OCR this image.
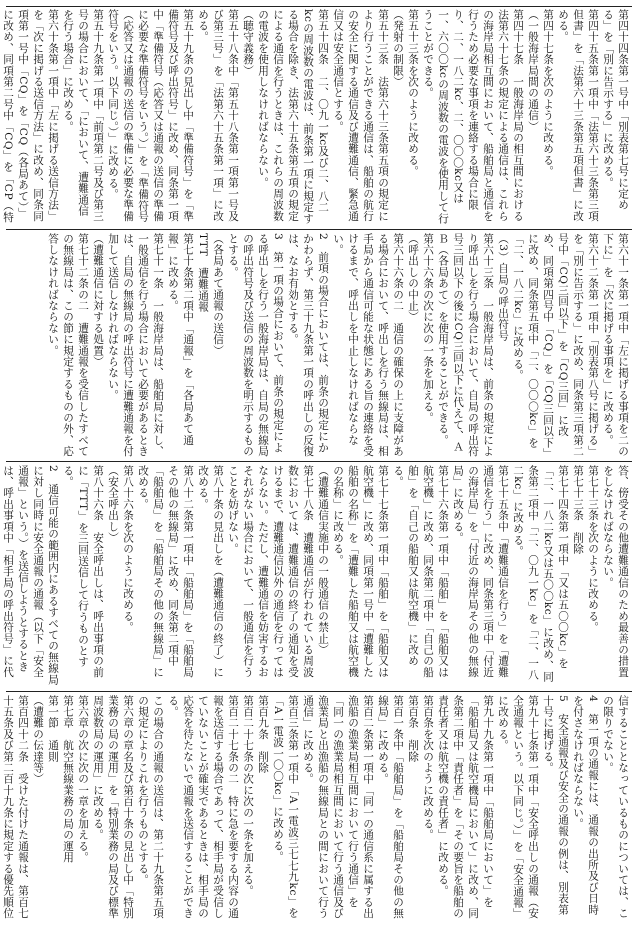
第四十四条第一号中「別表第七号に定める」を「別に告示する」に改める。

第四十五条第一項中「法第六十三条第三項但書」を「法第六十三条第五項但書」に改める。

第四十七条を次のように改める。

（一般海岸局間の通信）

第四十七条　一般海岸局の相互間における法第六十七条の規定による通信は、これらの海岸局相互間において、船舶局と通信を行うため必要な事項を連絡する場合に限り、二、一八二kc、二、〇〇〇kc又は一、六〇〇kcの周波数の電波を使用して行うことができる。

第五十三条を次のように改める。

（発射の制限）

第五十三条　法第六十三条第五項の規定により行うことができる通信は、船舶の航行の安全に関する通信及び遭難通信、緊急通信又は安全通信とする。

第五十四条　二、〇九一kc及び二、八二kcの周波数の電波は、前条第一項に規定する場合を除き、法第六十五条第五項の規定による通信を行うときは、これらの周波数の電波を使用しなければならない。

（聴守義務）

第五十八条中「第五十八条第一項第一号及び第三号」を「法第六十五条第一項」に改める。

第五十九条の見出し中「準備符号」を「準備符号及び呼出符号」に改め、同条第一項中「準備符号（応答又は通報の送信の準備に必要な準備符号をいう。）」を「準備符号（応答又は通報の送信の準備に必要な準備符号をいう。以下同じ。）」に改める。

第五十九条第一項中「前項第二号及び第三号の場合において、「において、遭難通信を行う場合」に改める。

第六十条第一項中「左に掲げる送信方法」を「次に掲げる送信方法」に改め、同条同項第一号中「CQ」を「CQ（各局あて）」に改め、同項第二号中「CQ」を「CP（特

第六十一条第一項中「左に掲げる事項を二の下に」を「次に掲げる事項を」に改める。

第六十二条第一項中「別表第八号に掲げる」を「別に告示する」に改め、同条第三項第二号中「CQ三回以下」を「CQ三回」に改め、同項第四号中「CQ」を「CQ三回以下」に改め、同条第五項中「二、〇〇〇kc」を「二、一八二kc」に改める。

（3）自局の呼出符号

第六十三条　一般海岸局は、前条の規定により呼出しを行う場合において、自局の呼出符号三回以下の後にCQ三回以下に代えて、ＡＢ（各局あて）を使用することができる。

第六十六条の次に次の一条を加える。

（呼出しの中止）

第六十六条の二　通信の確保の上に支障がある場合において、呼出しを行う無線局は、相手局から通信可能な状態にある旨の連絡を受けるまで、呼出しを中止しなければならない。

2　前項の場合においては、前条の規定にかかわらず、第三十九条第一項の呼出しの反復は、なお有効とする。

3　第一項の場合において、前条の規定による呼出しを行う一般海岸局は、自局の無線局の呼出符号及び送信の周波数を明示するものとする。

（各局あて通報の送信）

TTT　遭難通報

第七十条第二項中「通報」を「各局あて通報」に改める。

第七十一条　一般海岸局は、船舶局に対し、一般通信を行う場合において必要があるときは、自局の無線局の呼出符号に遭難通報を付加して送信しなければならない。

（遭難通信に対する処置）

第七十二条の二　遭難通報を受信したすべての無線局は、この節に規定するものの外、応答しなければならない。

答、傍受その他遭難通信のため最善の措置をしなければならない。

第七十三条を次のように改める。

第七十三条　削除

第七十四条第一項中「又は五〇〇kc」を「二、一八二kc又は五〇〇kc」に改め、同条第二項中「二、〇九一kc」を「二、一八二kc」に改める。

第七十五条中「遭難通信を行う」を「遭難通信を行う」に改め、同条第三項中「付近の海岸局」を「付近の海岸局その他の無線局」に改める。

第七十六条第一項中「船舶」を「船舶又は航空機」に改め、同条第二項中「自己の船舶」を「自己の船舶又は航空機」に改める。

第七十七条第一項中「船舶」を「船舶又は航空機」に改め、同項第一号中「遭難した船舶の名称」を「遭難した船舶又は航空機の名称」に改める。

（遭難通信実施中の一般通信の禁止）

第七十八条　遭難通信が行われている周波数においては、遭難通信の終了の通知を受けるまで、遭難通信以外の通信を行ってはならない。ただし、遭難通信を妨害するおそれがない場合において、一般通信を行うことを妨げない。

第八十条の見出しを（遭難通信の終了）に改める。

第八十二条第一項中「船舶局」を「船舶局その他の無線局」に改め、同条第二項中「船舶局」を「船舶局その他の無線局」に改める。

第八十六条を次のように改める。

（安全呼出し）

第八十六条　安全呼出しは、呼出事項の前に「TTT」を三回送信して行うものとする。

2　通信可能の範囲内にあるすべての無線局に対し同時に安全通報の通報（以下「安全通報」という。）を送信しようとするときは、呼出事項中「相手局の呼出符号」に代

信することとなっているものについては、この限りでない。

4　第一項の通報には、通報の出所及び日時を付さなければならない。

5　安全通報及び安全の通報の例は、別表第十号に掲げる。

第九十七条第一項中「安全呼出しの通報（安全通報という。以下同じ。）」を「安全通報」に改める。

第九十九条第一項中「船舶局において」を「船舶局又は航空機局において」に改め、同条第二項中「責任者」を「その要旨を船舶の責任者又は航空機の責任者」に改める。

第百条を次のように改める。

第百条　削除

第百一条中「船舶局」を「船舶局その他の無線局」に改める。

第百二条第一項中「同一の通信系に属する出漁船の漁業局相互間において行う通信」を「同一の漁業局相互間において行う通信及び漁業局と出漁船の無線局との間において行う通信」に改める。

第百三条第一項中「A一電波三七七九kc」を「A一電波一〇〇kc」に改める。

第百九条　削除

第百二十七条の次に次の一条を加える。

第百二十七条の二　特に急を要する内容の通報を送信する場合であって、相手局が受信していないことが確実であるときは、相手局の応答を待たないで通報を送信することができる。

この場合の通報の送信は、第二十九条第五項の規定によりこれを行うものとする。

第六章の章名及び第百十条の見出し中「特別業務の局の運用」を「特別業務の局及び標準周波数局の運用」に改める。

第六章の次に次の一章を加える。

第七章　航空無線業務の局の運用

第一節　通則

（遭難の伝達等）

第百四十二条　受けた付けた通報は、第百七十五条及び第二百十九条に規定する優先順位
